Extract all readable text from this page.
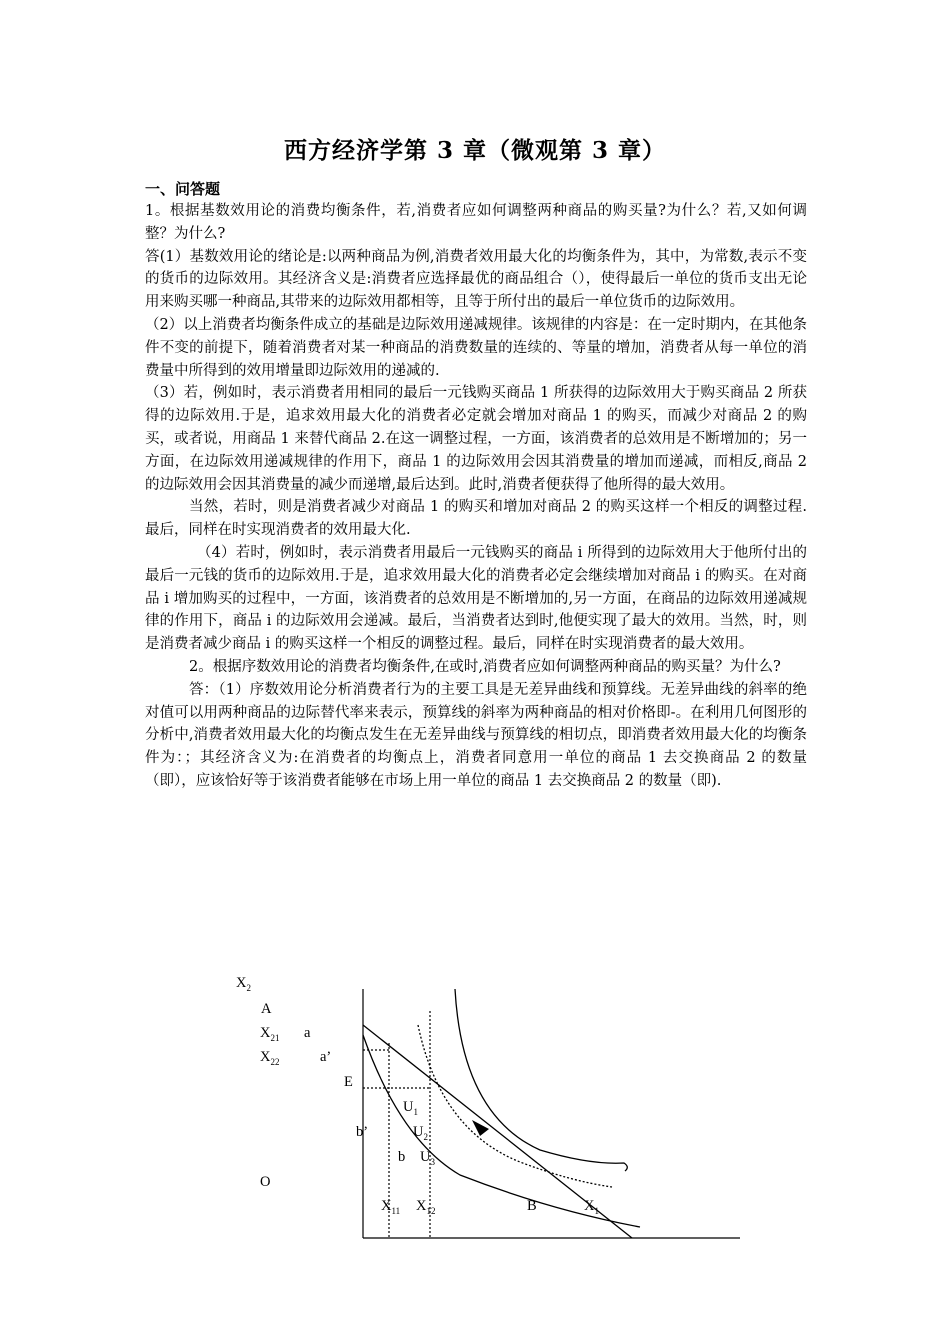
西方经济学第 3 章（微观第 3 章）
一、问答题

1。根据基数效用论的消费均衡条件，若,消费者应如何调整两种商品的购买量?为什么？若,又如何调整？为什么?

答(1）基数效用论的绪论是:以两种商品为例,消费者效用最大化的均衡条件为，其中，为常数,表示不变的货币的边际效用。其经济含义是:消费者应选择最优的商品组合（），使得最后一单位的货币支出无论用来购买哪一种商品,其带来的边际效用都相等，且等于所付出的最后一单位货币的边际效用。

（2）以上消费者均衡条件成立的基础是边际效用递减规律。该规律的内容是：在一定时期内，在其他条件不变的前提下，随着消费者对某一种商品的消费数量的连续的、等量的增加，消费者从每一单位的消费量中所得到的效用增量即边际效用的递减的.

（3）若，例如时，表示消费者用相同的最后一元钱购买商品 1 所获得的边际效用大于购买商品 2 所获得的边际效用.于是，追求效用最大化的消费者必定就会增加对商品 1 的购买，而减少对商品 2 的购买，或者说，用商品 1 来替代商品 2.在这一调整过程，一方面，该消费者的总效用是不断增加的；另一方面，在边际效用递减规律的作用下，商品 1 的边际效用会因其消费量的增加而递减，而相反,商品 2 的边际效用会因其消费量的减少而递增,最后达到。此时,消费者便获得了他所得的最大效用。

当然，若时，则是消费者减少对商品 1 的购买和增加对商品 2 的购买这样一个相反的调整过程.最后，同样在时实现消费者的效用最大化.

（4）若时，例如时，表示消费者用最后一元钱购买的商品 i 所得到的边际效用大于他所付出的最后一元钱的货币的边际效用.于是，追求效用最大化的消费者必定会继续增加对商品 i 的购买。在对商品 i 增加购买的过程中，一方面，该消费者的总效用是不断增加的,另一方面，在商品的边际效用递减规律的作用下，商品 i 的边际效用会递减。最后，当消费者达到时,他便实现了最大的效用。当然，时，则是消费者减少商品 i 的购买这样一个相反的调整过程。最后，同样在时实现消费者的最大效用。

2。根据序数效用论的消费者均衡条件,在或时,消费者应如何调整两种商品的购买量？为什么?

答：（1）序数效用论分析消费者行为的主要工具是无差异曲线和预算线。无差异曲线的斜率的绝对值可以用两种商品的边际替代率来表示，预算线的斜率为两种商品的相对价格即-。在利用几何图形的分析中,消费者效用最大化的均衡点发生在无差异曲线与预算线的相切点，即消费者效用最大化的均衡条件为：；其经济含义为:在消费者的均衡点上，消费者同意用一单位的商品 1 去交换商品 2 的数量（即），应该恰好等于该消费者能够在市场上用一单位的商品 1 去交换商品 2 的数量（即).

$X_2$
A
$X_{21}$ a
$X_{22}$	a’
E
$U_1$
b’	$U_2$
b $U_3$
O
$X_{11}$ $X_{12}$	B	$X_1$
